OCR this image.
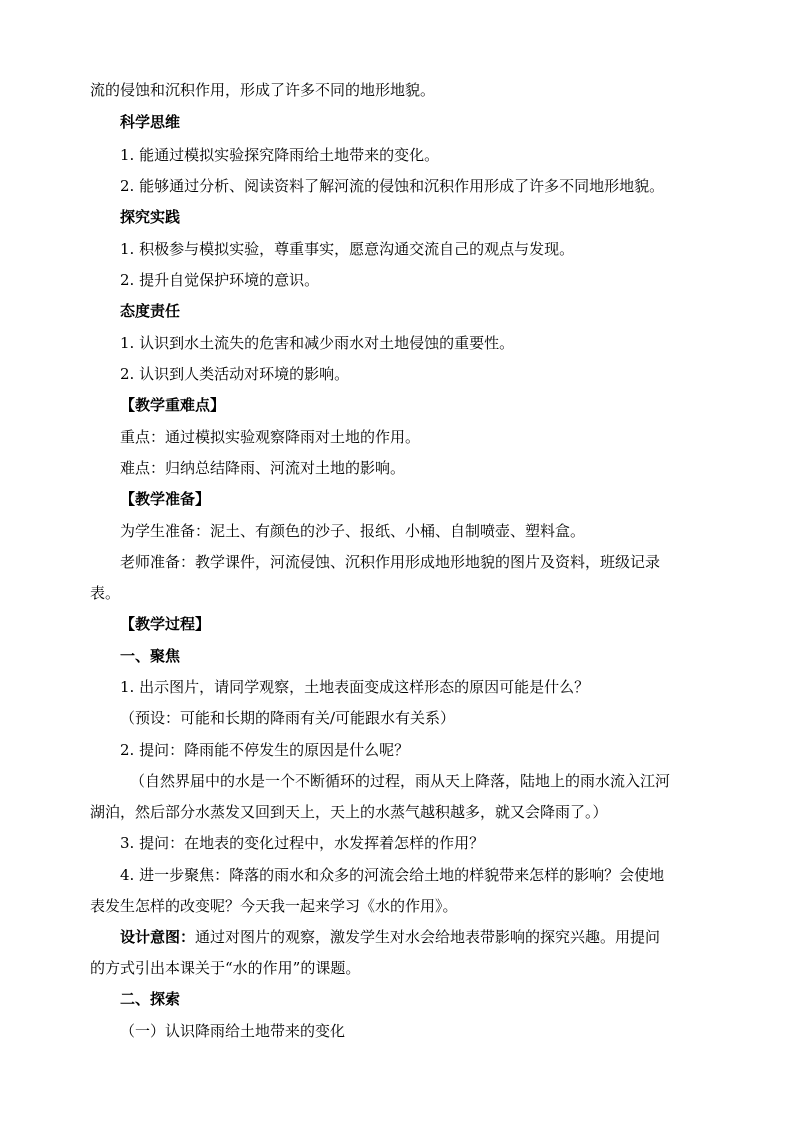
流的侵蚀和沉积作用，形成了许多不同的地形地貌。
科学思维
1. 能通过模拟实验探究降雨给土地带来的变化。
2. 能够通过分析、阅读资料了解河流的侵蚀和沉积作用形成了许多不同地形地貌。
探究实践
1. 积极参与模拟实验，尊重事实，愿意沟通交流自己的观点与发现。
2. 提升自觉保护环境的意识。
态度责任
1. 认识到水土流失的危害和减少雨水对土地侵蚀的重要性。
2. 认识到人类活动对环境的影响。
【教学重难点】
重点：通过模拟实验观察降雨对土地的作用。
难点：归纳总结降雨、河流对土地的影响。
【教学准备】
为学生准备：泥土、有颜色的沙子、报纸、小桶、自制喷壶、塑料盒。
老师准备：教学课件，河流侵蚀、沉积作用形成地形地貌的图片及资料，班级记录
表。
【教学过程】
一、聚焦
1. 出示图片，请同学观察，土地表面变成这样形态的原因可能是什么？
（预设：可能和长期的降雨有关/可能跟水有关系）
2. 提问：降雨能不停发生的原因是什么呢？
（自然界届中的水是一个不断循环的过程，雨从天上降落，陆地上的雨水流入江河
湖泊，然后部分水蒸发又回到天上，天上的水蒸气越积越多，就又会降雨了。）
3. 提问：在地表的变化过程中，水发挥着怎样的作用？
4. 进一步聚焦：降落的雨水和众多的河流会给土地的样貌带来怎样的影响？会使地
表发生怎样的改变呢？今天我一起来学习《水的作用》。
设计意图：通过对图片的观察，激发学生对水会给地表带影响的探究兴趣。用提问
的方式引出本课关于“水的作用”的课题。
二、探索
（一）认识降雨给土地带来的变化
